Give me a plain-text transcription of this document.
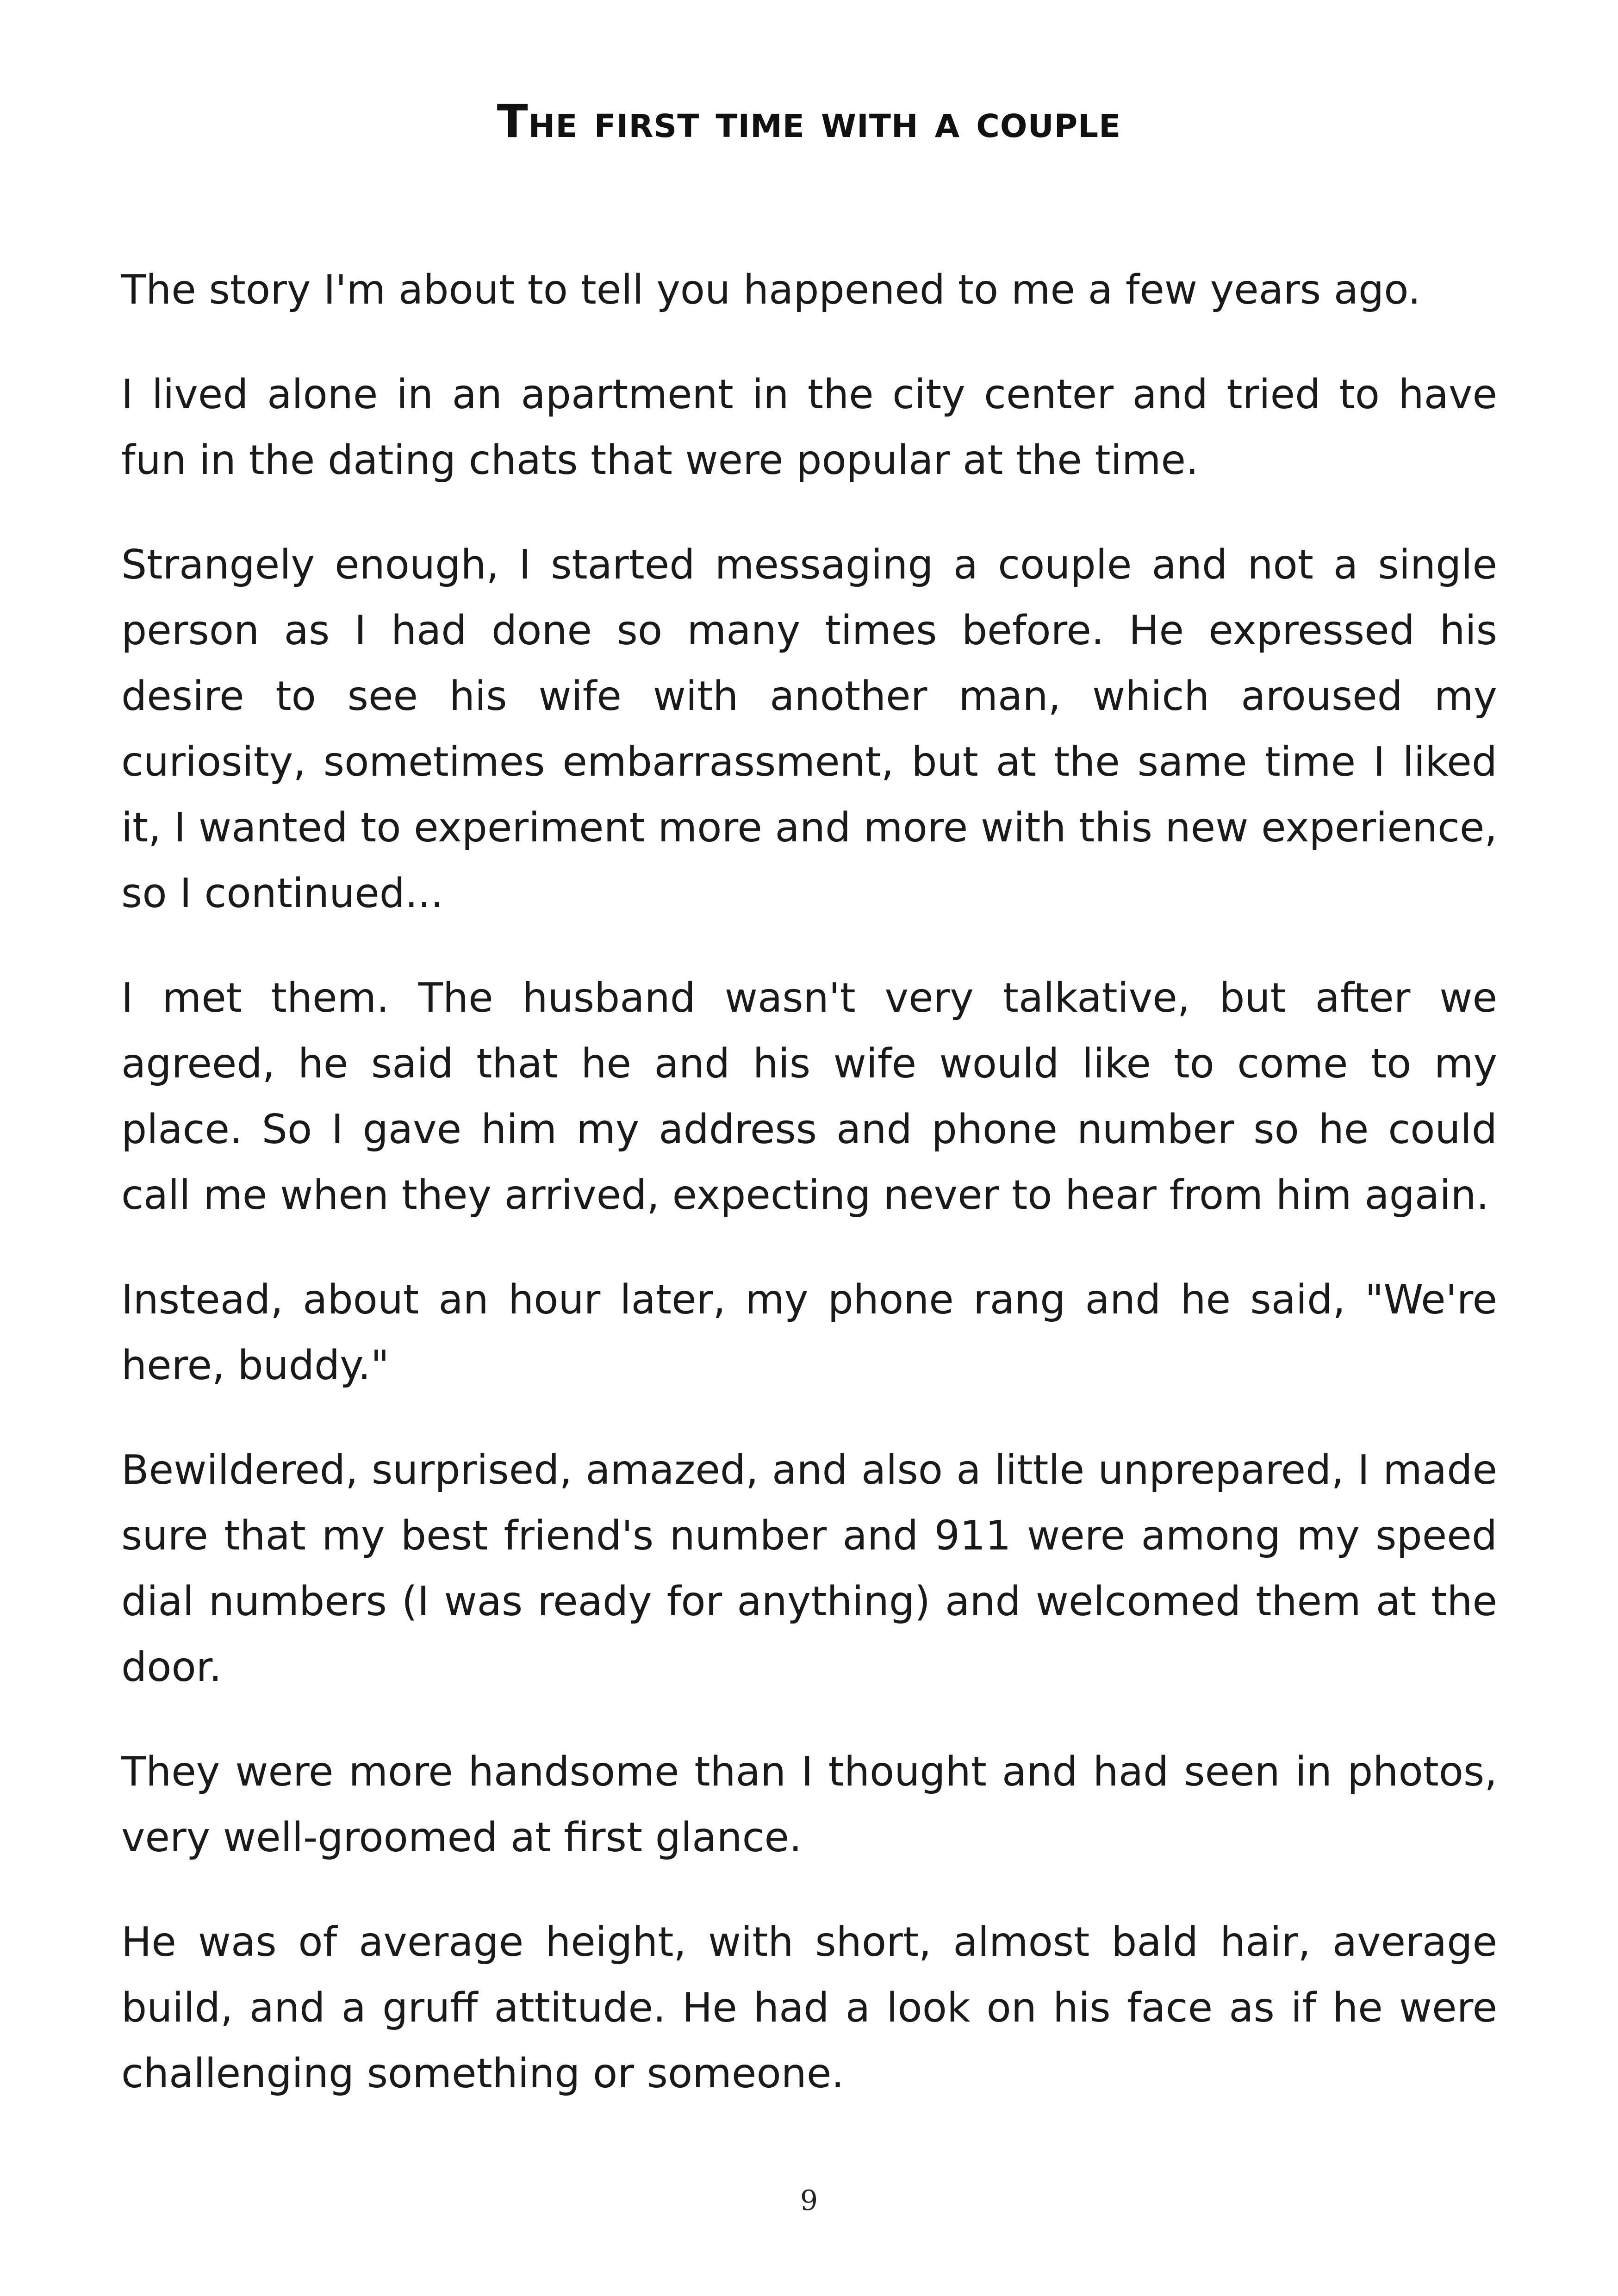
The first time with a couple

The story I'm about to tell you happened to me a few years ago.

I lived alone in an apartment in the city center and tried to have fun in the dating chats that were popular at the time.

Strangely enough, I started messaging a couple and not a single person as I had done so many times before. He expressed his desire to see his wife with another man, which aroused my curiosity, sometimes embarrassment, but at the same time I liked it, I wanted to experiment more and more with this new experience, so I continued...

I met them. The husband wasn't very talkative, but after we agreed, he said that he and his wife would like to come to my place. So I gave him my address and phone number so he could call me when they arrived, expecting never to hear from him again.

Instead, about an hour later, my phone rang and he said, "We're here, buddy."

Bewildered, surprised, amazed, and also a little unprepared, I made sure that my best friend's number and 911 were among my speed dial numbers (I was ready for anything) and welcomed them at the door.

They were more handsome than I thought and had seen in photos, very well-groomed at first glance.

He was of average height, with short, almost bald hair, average build, and a gruff attitude. He had a look on his face as if he were challenging something or someone.

9
